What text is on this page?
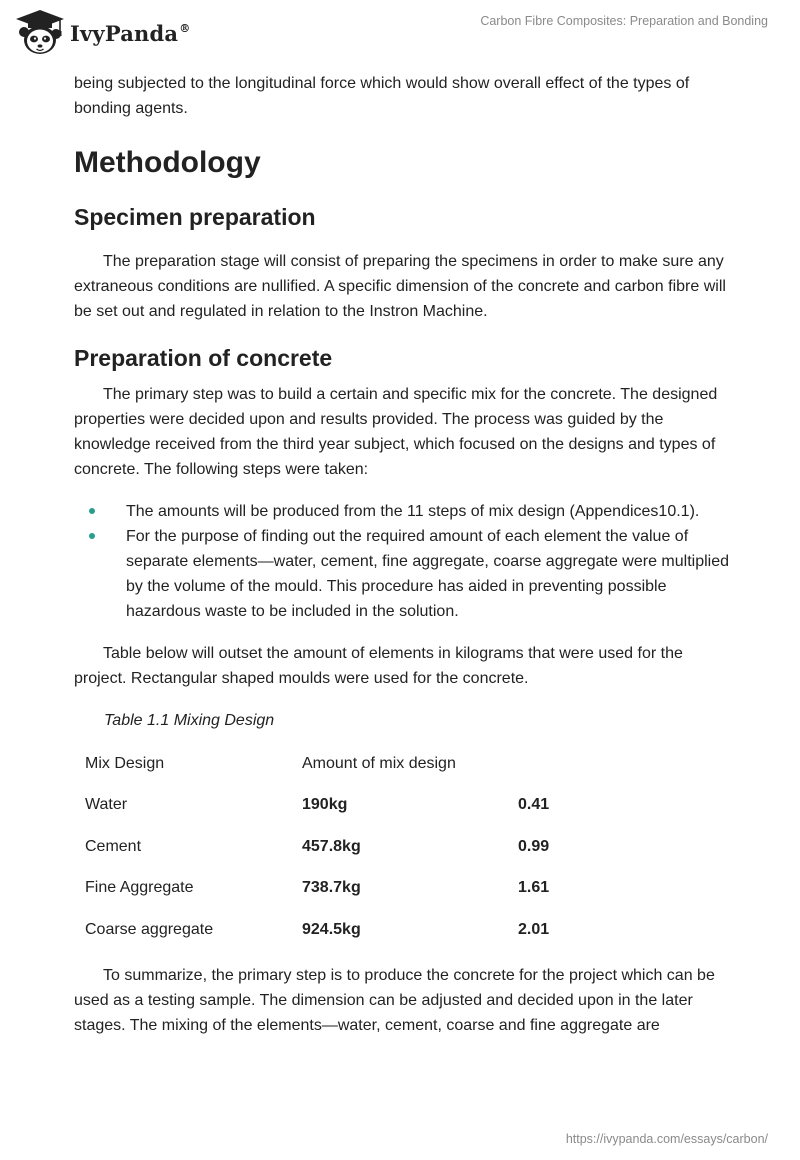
IvyPanda®	Carbon Fibre Composites: Preparation and Bonding

being subjected to the longitudinal force which would show overall effect of the types of bonding agents.

Methodology
Specimen preparation

The preparation stage will consist of preparing the specimens in order to make sure any extraneous conditions are nullified. A specific dimension of the concrete and carbon fibre will be set out and regulated in relation to the Instron Machine.

Preparation of concrete

The primary step was to build a certain and specific mix for the concrete. The designed properties were decided upon and results provided. The process was guided by the knowledge received from the third year subject, which focused on the designs and types of concrete. The following steps were taken:

The amounts will be produced from the 11 steps of mix design (Appendices10.1).
For the purpose of finding out the required amount of each element the value of separate elements—water, cement, fine aggregate, coarse aggregate were multiplied by the volume of the mould. This procedure has aided in preventing possible hazardous waste to be included in the solution.

Table below will outset the amount of elements in kilograms that were used for the project. Rectangular shaped moulds were used for the concrete.

Table 1.1 Mixing Design
Mix Design	Amount of mix design	
Water	190kg	0.41
Cement	457.8kg	0.99
Fine Aggregate	738.7kg	1.61
Coarse aggregate	924.5kg	2.01

To summarize, the primary step is to produce the concrete for the project which can be used as a testing sample. The dimension can be adjusted and decided upon in the later stages. The mixing of the elements—water, cement, coarse and fine aggregate are

https://ivypanda.com/essays/carbon/
